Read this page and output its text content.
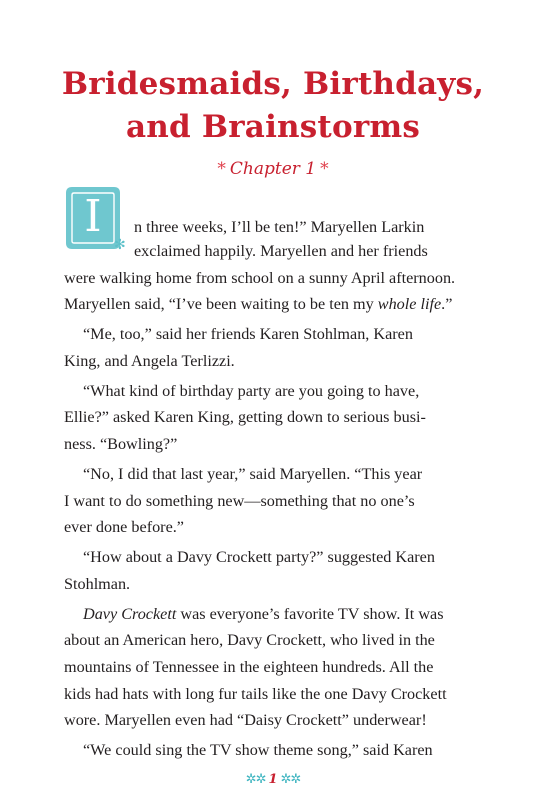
Bridesmaids, Birthdays,
and Brainstorms
* Chapter 1 *
I
✻

n three weeks, I’ll be ten!” Maryellen Larkin

exclaimed happily. Maryellen and her friends

were walking home from school on a sunny April afternoon.

Maryellen said, “I’ve been waiting to be ten my whole life.”

“Me, too,” said her friends Karen Stohlman, Karen

King, and Angela Terlizzi.

“What kind of birthday party are you going to have,

Ellie?” asked Karen King, getting down to serious busi-

ness. “Bowling?”

“No, I did that last year,” said Maryellen. “This year

I want to do something new—something that no one’s

ever done before.”

“How about a Davy Crockett party?” suggested Karen

Stohlman.

Davy Crockett was everyone’s favorite TV show. It was

about an American hero, Davy Crockett, who lived in the

mountains of Tennessee in the eighteen hundreds. All the

kids had hats with long fur tails like the one Davy Crockett

wore. Maryellen even had “Daisy Crockett” underwear!

“We could sing the TV show theme song,” said Karen

✲✲ 1 ✲✲
